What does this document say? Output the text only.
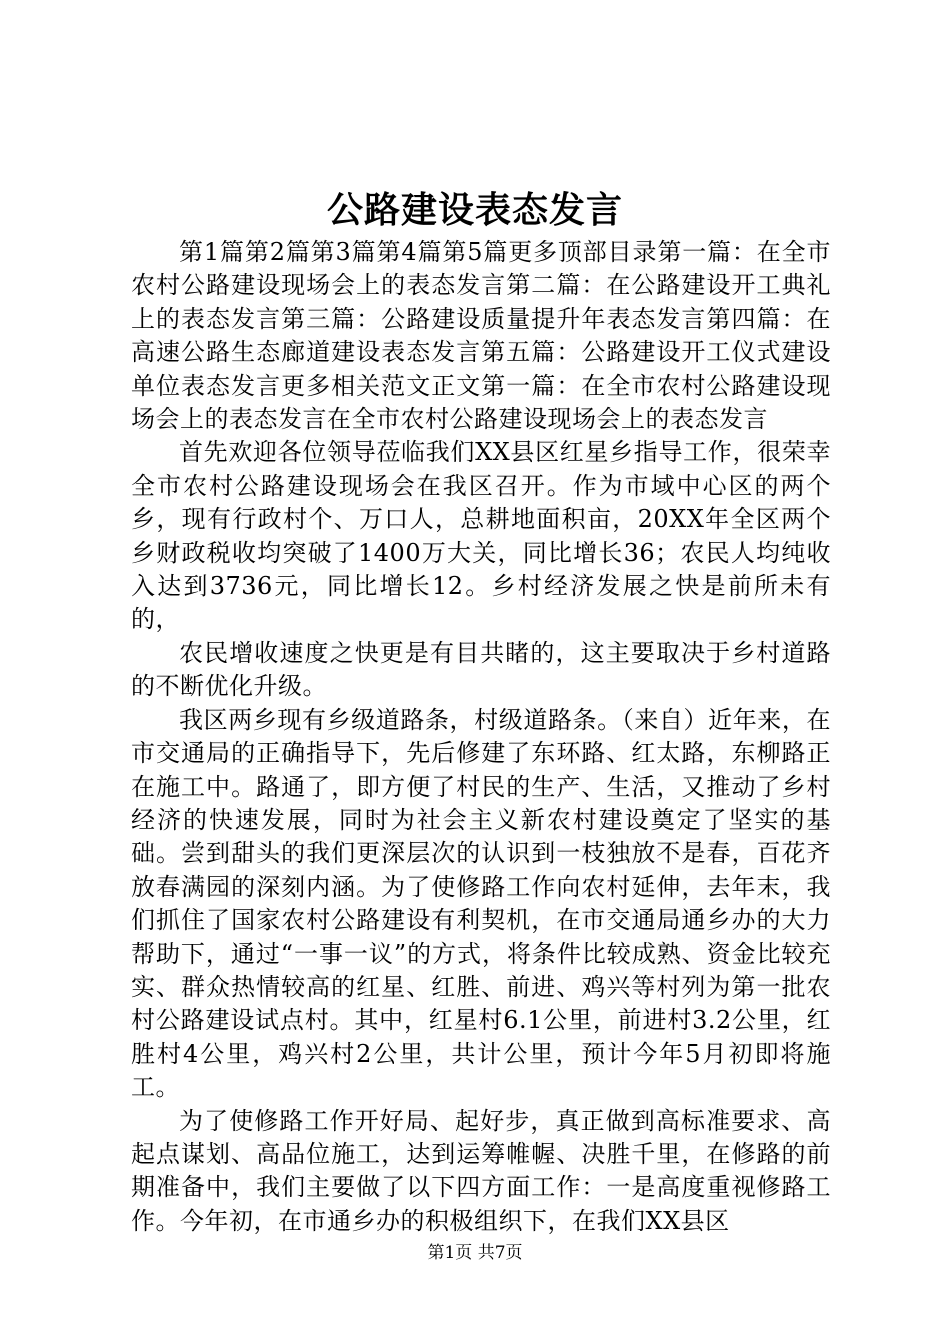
公路建设表态发言

第1篇第2篇第3篇第4篇第5篇更多顶部目录第一篇：在全市农村公路建设现场会上的表态发言第二篇：在公路建设开工典礼上的表态发言第三篇：公路建设质量提升年表态发言第四篇：在高速公路生态廊道建设表态发言第五篇：公路建设开工仪式建设单位表态发言更多相关范文正文第一篇：在全市农村公路建设现场会上的表态发言在全市农村公路建设现场会上的表态发言

首先欢迎各位领导莅临我们XX县区红星乡指导工作，很荣幸全市农村公路建设现场会在我区召开。作为市域中心区的两个乡，现有行政村个、万口人，总耕地面积亩，20XX年全区两个乡财政税收均突破了1400万大关，同比增长36；农民人均纯收入达到3736元，同比增长12。乡村经济发展之快是前所未有的，

农民增收速度之快更是有目共睹的，这主要取决于乡村道路的不断优化升级。

我区两乡现有乡级道路条，村级道路条。（来自）近年来，在市交通局的正确指导下，先后修建了东环路、红太路，东柳路正在施工中。路通了，即方便了村民的生产、生活，又推动了乡村经济的快速发展，同时为社会主义新农村建设奠定了坚实的基础。尝到甜头的我们更深层次的认识到一枝独放不是春，百花齐放春满园的深刻内涵。为了使修路工作向农村延伸，去年末，我们抓住了国家农村公路建设有利契机，在市交通局通乡办的大力帮助下，通过“一事一议”的方式，将条件比较成熟、资金比较充实、群众热情较高的红星、红胜、前进、鸡兴等村列为第一批农村公路建设试点村。其中，红星村6.1公里，前进村3.2公里，红胜村4公里，鸡兴村2公里，共计公里，预计今年5月初即将施工。

为了使修路工作开好局、起好步，真正做到高标准要求、高起点谋划、高品位施工，达到运筹帷幄、决胜千里，在修路的前期准备中，我们主要做了以下四方面工作：一是高度重视修路工作。今年初，在市通乡办的积极组织下，在我们XX县区

第1页 共7页
